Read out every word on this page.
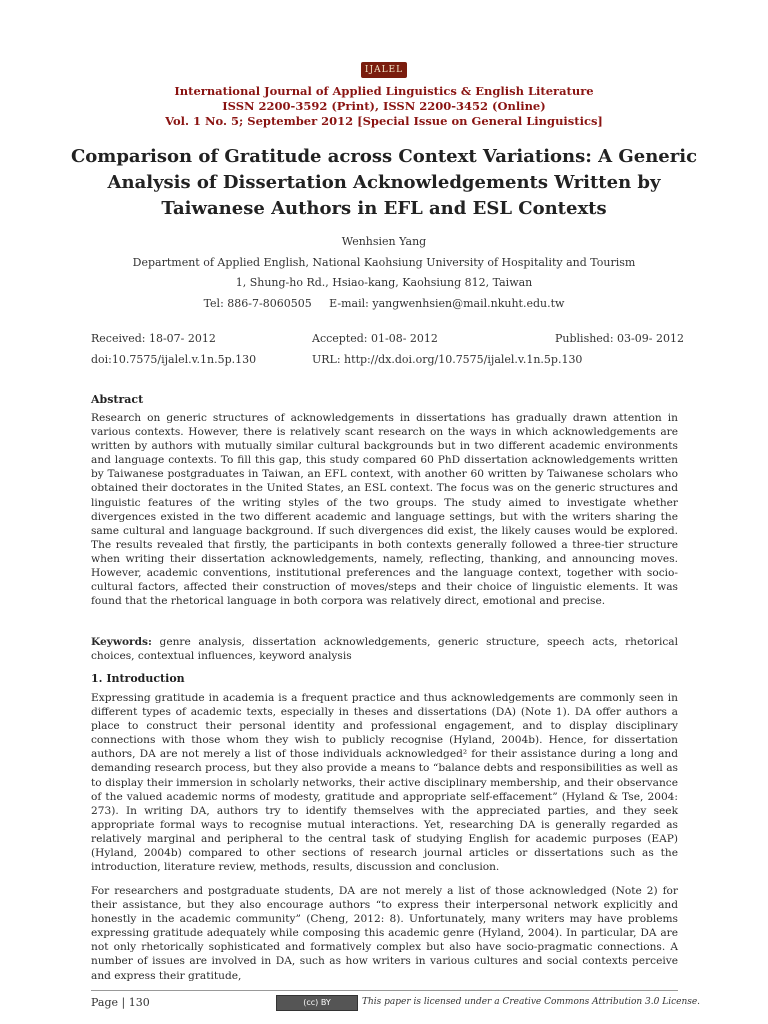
IJALEL
International Journal of Applied Linguistics & English Literature
ISSN 2200-3592 (Print), ISSN 2200-3452 (Online)
Vol. 1 No. 5; September 2012 [Special Issue on General Linguistics]
Comparison of Gratitude across Context Variations: A Generic Analysis of Dissertation Acknowledgements Written by Taiwanese Authors in EFL and ESL Contexts
Wenhsien Yang
Department of Applied English, National Kaohsiung University of Hospitality and Tourism
1, Shung-ho Rd., Hsiao-kang, Kaohsiung 812, Taiwan
Tel: 886-7-8060505     E-mail: yangwenhsien@mail.nkuht.edu.tw
Received: 18-07- 2012	Accepted: 01-08- 2012	Published: 03-09- 2012
doi:10.7575/ijalel.v.1n.5p.130	URL: http://dx.doi.org/10.7575/ijalel.v.1n.5p.130
Abstract
Research on generic structures of acknowledgements in dissertations has gradually drawn attention in various contexts. However, there is relatively scant research on the ways in which acknowledgements are written by authors with mutually similar cultural backgrounds but in two different academic environments and language contexts. To fill this gap, this study compared 60 PhD dissertation acknowledgements written by Taiwanese postgraduates in Taiwan, an EFL context, with another 60 written by Taiwanese scholars who obtained their doctorates in the United States, an ESL context. The focus was on the generic structures and linguistic features of the writing styles of the two groups. The study aimed to investigate whether divergences existed in the two different academic and language settings, but with the writers sharing the same cultural and language background. If such divergences did exist, the likely causes would be explored. The results revealed that firstly, the participants in both contexts generally followed a three-tier structure when writing their dissertation acknowledgements, namely, reflecting, thanking, and announcing moves. However, academic conventions, institutional preferences and the language context, together with socio-cultural factors, affected their construction of moves/steps and their choice of linguistic elements. It was found that the rhetorical language in both corpora was relatively direct, emotional and precise.
Keywords: genre analysis, dissertation acknowledgements, generic structure, speech acts, rhetorical choices, contextual influences, keyword analysis
1. Introduction
Expressing gratitude in academia is a frequent practice and thus acknowledgements are commonly seen in different types of academic texts, especially in theses and dissertations (DA) (Note 1). DA offer authors a place to construct their personal identity and professional engagement, and to display disciplinary connections with those whom they wish to publicly recognise (Hyland, 2004b). Hence, for dissertation authors, DA are not merely a list of those individuals acknowledged² for their assistance during a long and demanding research process, but they also provide a means to “balance debts and responsibilities as well as to display their immersion in scholarly networks, their active disciplinary membership, and their observance of the valued academic norms of modesty, gratitude and appropriate self-effacement” (Hyland & Tse, 2004: 273). In writing DA, authors try to identify themselves with the appreciated parties, and they seek appropriate formal ways to recognise mutual interactions. Yet, researching DA is generally regarded as relatively marginal and peripheral to the central task of studying English for academic purposes (EAP) (Hyland, 2004b) compared to other sections of research journal articles or dissertations such as the introduction, literature review, methods, results, discussion and conclusion.
For researchers and postgraduate students, DA are not merely a list of those acknowledged (Note 2) for their assistance, but they also encourage authors “to express their interpersonal network explicitly and honestly in the academic community” (Cheng, 2012: 8). Unfortunately, many writers may have problems expressing gratitude adequately while composing this academic genre (Hyland, 2004). In particular, DA are not only rhetorically sophisticated and formatively complex but also have socio-pragmatic connections. A number of issues are involved in DA, such as how writers in various cultures and social contexts perceive and express their gratitude,
Page | 130	(cc) BY	This paper is licensed under a Creative Commons Attribution 3.0 License.
